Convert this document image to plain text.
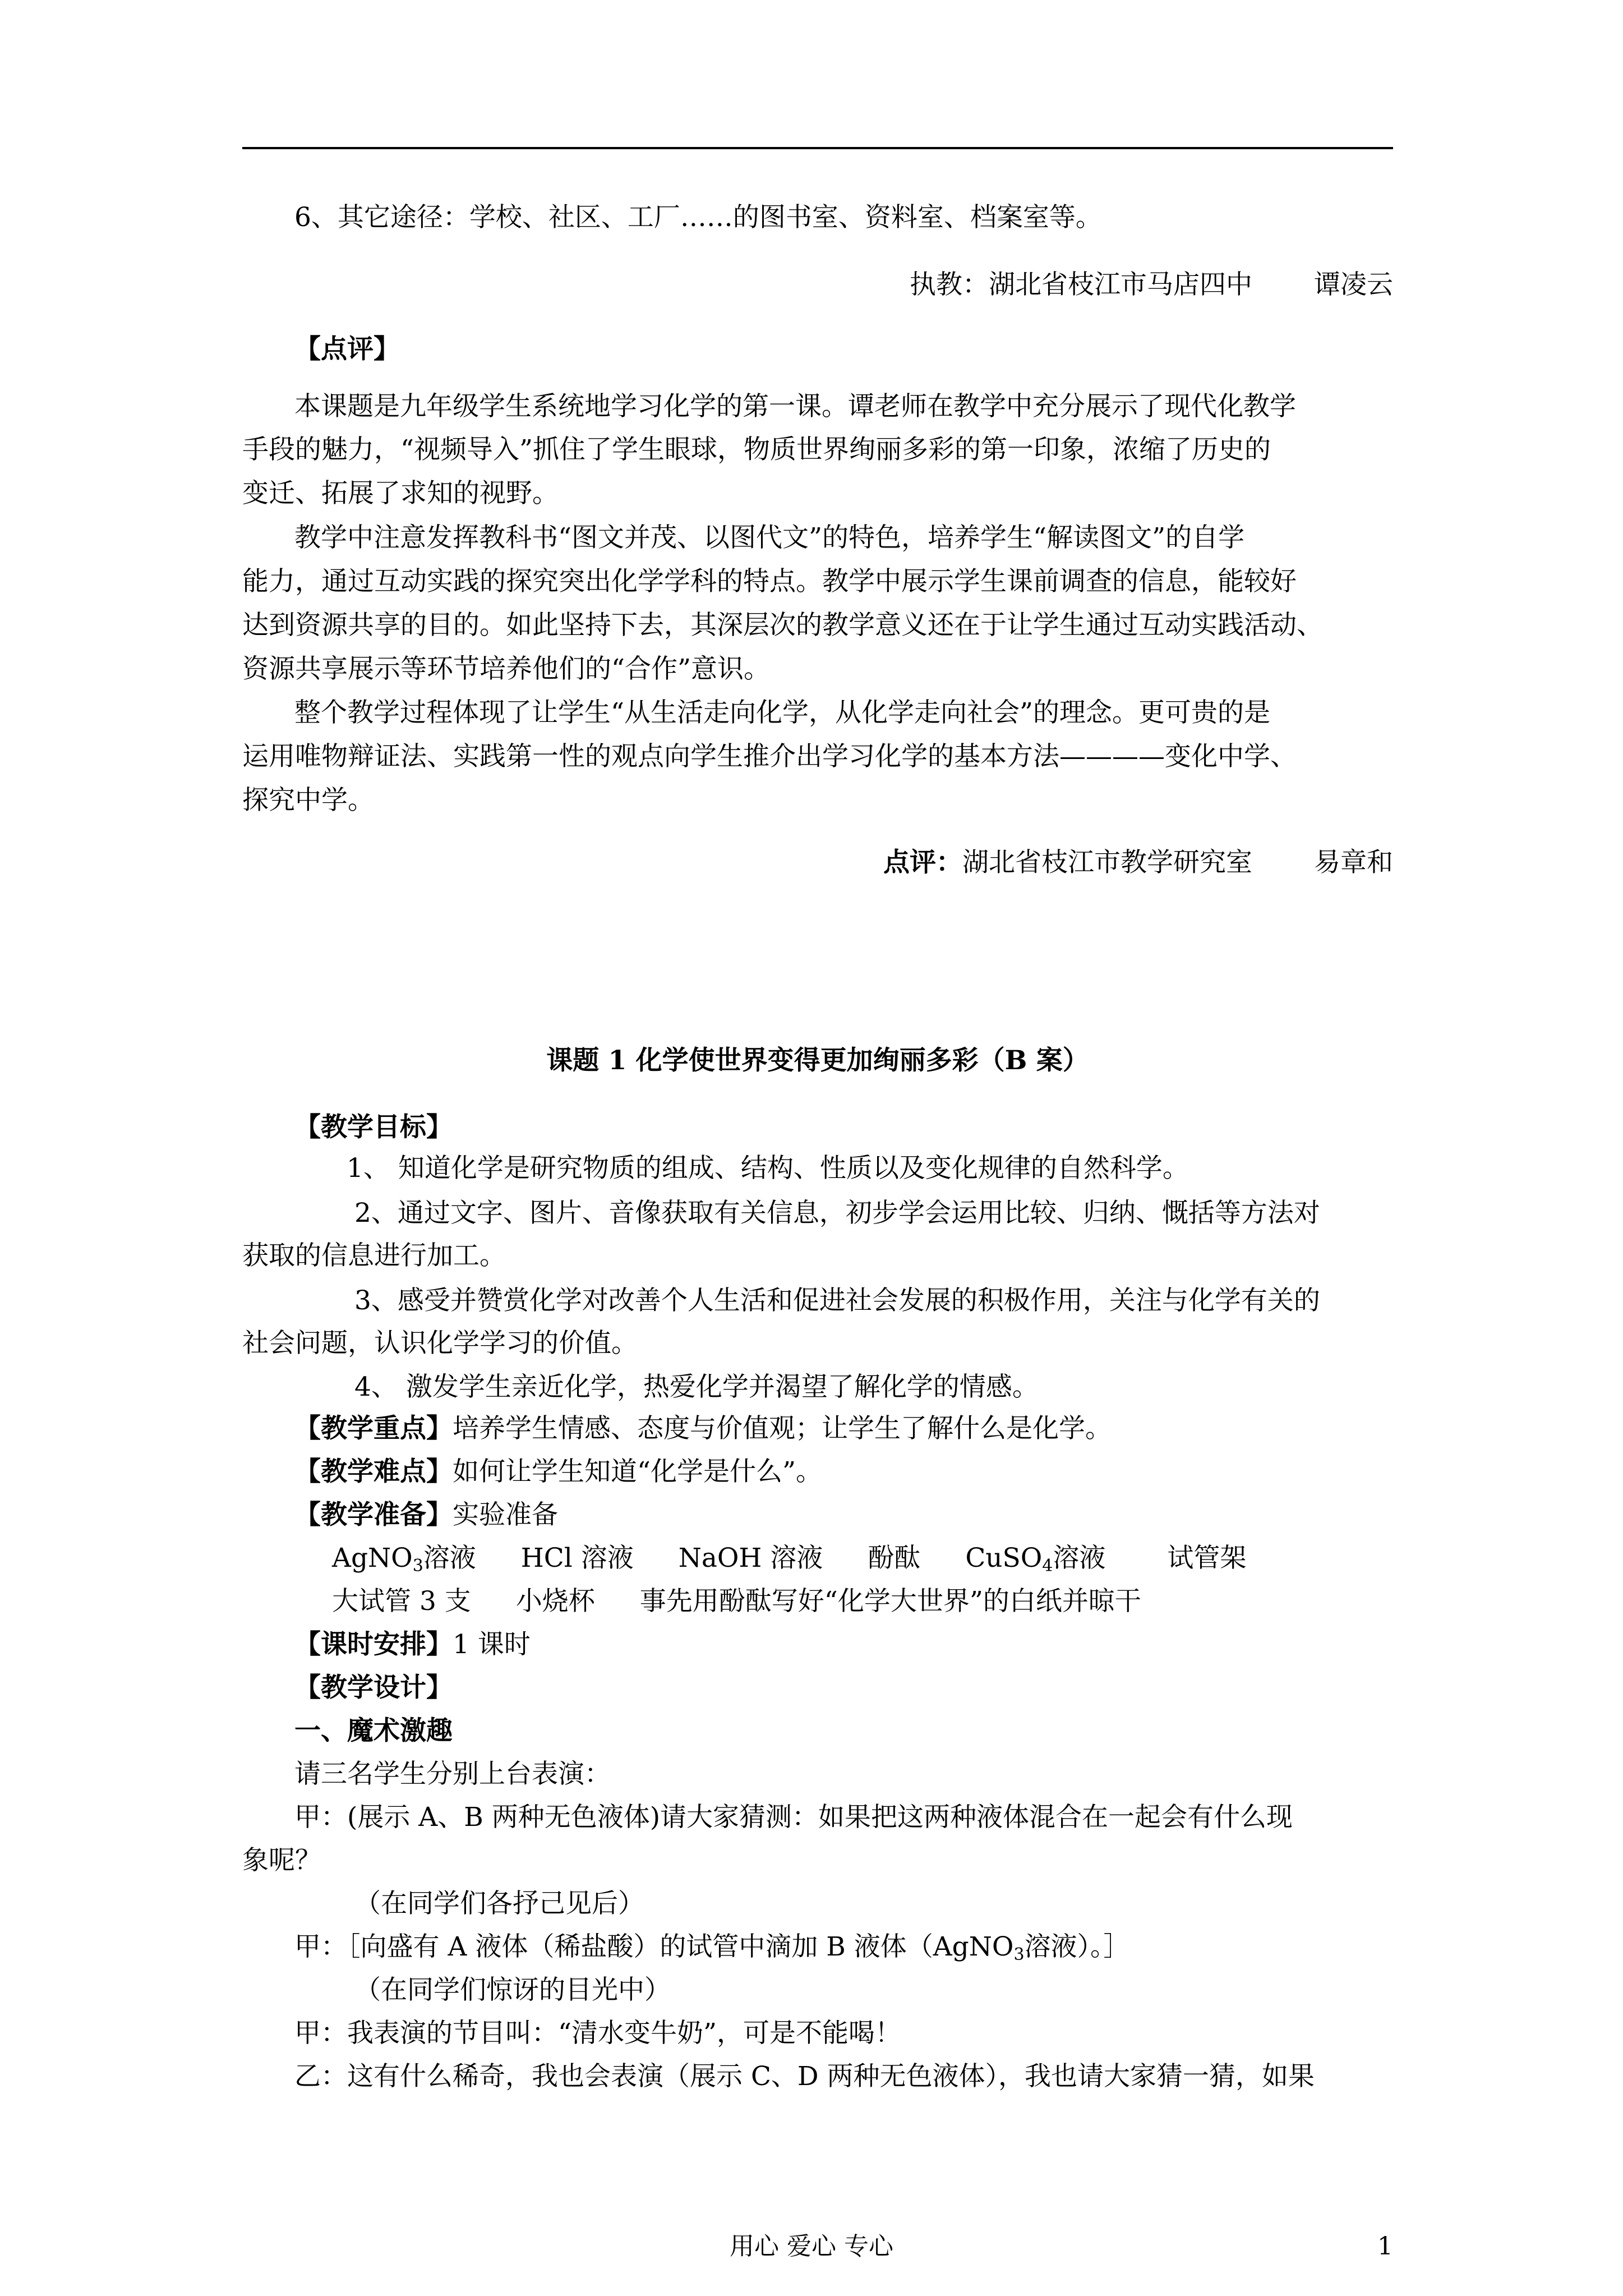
6、其它途径：学校、社区、工厂……的图书室、资料室、档案室等。
执教：湖北省枝江市马店四中 谭凌云
【点评】
本课题是九年级学生系统地学习化学的第一课。谭老师在教学中充分展示了现代化教学
手段的魅力，“视频导入”抓住了学生眼球，物质世界绚丽多彩的第一印象，浓缩了历史的
变迁、拓展了求知的视野。
教学中注意发挥教科书“图文并茂、以图代文”的特色，培养学生“解读图文”的自学
能力，通过互动实践的探究突出化学学科的特点。教学中展示学生课前调查的信息，能较好
达到资源共享的目的。如此坚持下去，其深层次的教学意义还在于让学生通过互动实践活动、
资源共享展示等环节培养他们的“合作”意识。
整个教学过程体现了让学生“从生活走向化学，从化学走向社会”的理念。更可贵的是
运用唯物辩证法、实践第一性的观点向学生推介出学习化学的基本方法————变化中学、
探究中学。
点评：湖北省枝江市教学研究室 易章和
课题 1 化学使世界变得更加绚丽多彩（B 案）
【教学目标】
1、 知道化学是研究物质的组成、结构、性质以及变化规律的自然科学。
2、通过文字、图片、音像获取有关信息，初步学会运用比较、归纳、慨括等方法对
获取的信息进行加工。
3、感受并赞赏化学对改善个人生活和促进社会发展的积极作用，关注与化学有关的
社会问题，认识化学学习的价值。
4、 激发学生亲近化学，热爱化学并渴望了解化学的情感。
【教学重点】培养学生情感、态度与价值观；让学生了解什么是化学。
【教学难点】如何让学生知道“化学是什么”。
【教学准备】实验准备
AgNO$_3$溶液 HCl 溶液 NaOH 溶液 酚酞 CuSO$_4$溶液 试管架
大试管 3 支 小烧杯 事先用酚酞写好“化学大世界”的白纸并晾干
【课时安排】1 课时
【教学设计】
一、魔术激趣
请三名学生分别上台表演：
甲：(展示 A、B 两种无色液体)请大家猜测：如果把这两种液体混合在一起会有什么现
象呢？
（在同学们各抒己见后）
甲：［向盛有 A 液体（稀盐酸）的试管中滴加 B 液体（AgNO$_3$溶液）。］
（在同学们惊讶的目光中）
甲：我表演的节目叫：“清水变牛奶”，可是不能喝！
乙：这有什么稀奇，我也会表演（展示 C、D 两种无色液体），我也请大家猜一猜，如果
用心 爱心 专心	1
